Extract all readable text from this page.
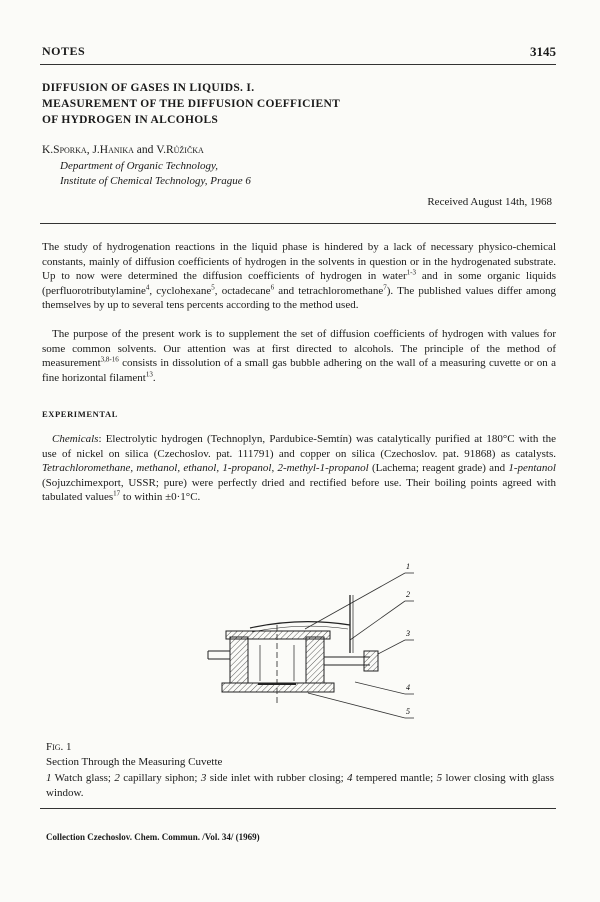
NOTES	3145
DIFFUSION OF GASES IN LIQUIDS. I.
MEASUREMENT OF THE DIFFUSION COEFFICIENT
OF HYDROGEN IN ALCOHOLS
K.Sporka, J.Hanika and V.Růžička
Department of Organic Technology,
Institute of Chemical Technology, Prague 6
Received August 14th, 1968

The study of hydrogenation reactions in the liquid phase is hindered by a lack of necessary physico-chemical constants, mainly of diffusion coefficients of hydrogen in the solvents in question or in the hydrogenated substrate. Up to now were determined the diffusion coefficients of hydrogen in water$^{1-3}$ and in some organic liquids (perfluorotributylamine$^4$, cyclohexane$^5$, octadecane$^6$ and tetrachloromethane$^7$). The published values differ among themselves by up to several tens percents according to the method used.

The purpose of the present work is to supplement the set of diffusion coefficients of hydrogen with values for some common solvents. Our attention was at first directed to alcohols. The principle of the method of measurement$^{3,8-16}$ consists in dissolution of a small gas bubble adhering on the wall of a measuring cuvette or on a fine horizontal filament$^{13}$.

EXPERIMENTAL

Chemicals: Electrolytic hydrogen (Technoplyn, Pardubice-Semtín) was catalytically purified at 180°C with the use of nickel on silica (Czechoslov. pat. 111791) and copper on silica (Czechoslov. pat. 91868) as catalysts. Tetrachloromethane, methanol, ethanol, 1-propanol, 2-methyl-1-propanol (Lachema; reagent grade) and 1-pentanol (Sojuzchimexport, USSR; pure) were perfectly dried and rectified before use. Their boiling points agreed with tabulated values$^{17}$ to within ±0·1°C.

1
2
3
4
5
Fig. 1
Section Through the Measuring Cuvette

1 Watch glass; 2 capillary siphon; 3 side inlet with rubber closing; 4 tempered mantle; 5 lower closing with glass window.

Collection Czechoslov. Chem. Commun. /Vol. 34/ (1969)
